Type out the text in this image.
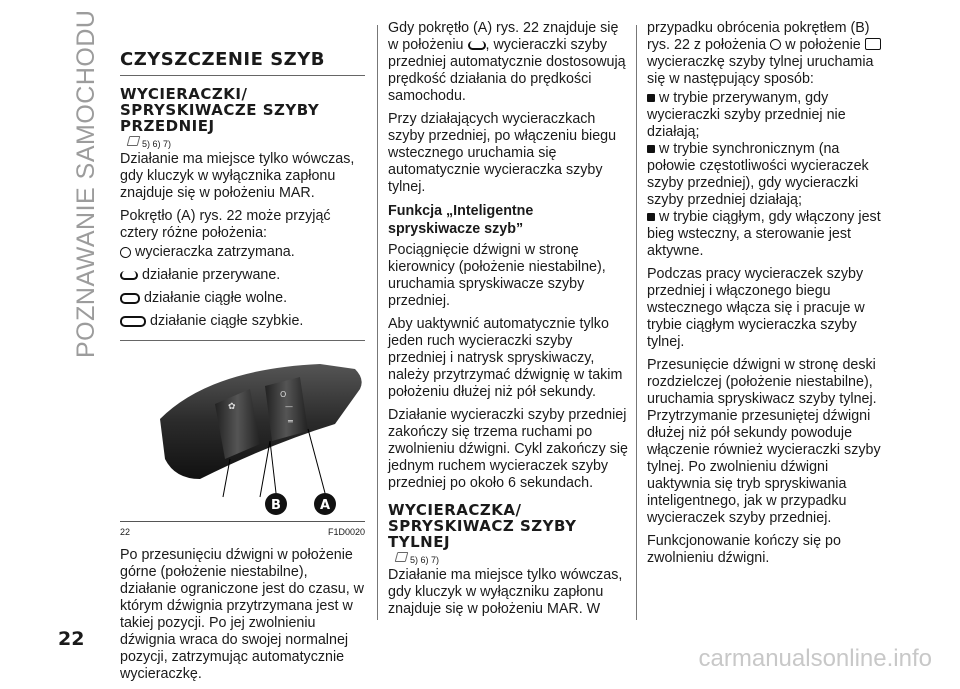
POZNAWANIE SAMOCHODU
22
CZYSZCZENIE SZYB
WYCIERACZKI/ SPRYSKIWACZE SZYBY PRZEDNIEJ
5) 6) 7)

Działanie ma miejsce tylko wówczas, gdy kluczyk w wyłącznika zapłonu znajduje się w położeniu MAR.

Pokrętło (A) rys. 22 może przyjąć cztery różne położenia:

wycieraczka zatrzymana.
działanie przerywane.
działanie ciągłe wolne.
działanie ciągłe szybkie.
✿
O
—
═
A
B
22	F1D0020

Po przesunięciu dźwigni w położenie górne (położenie niestabilne), działanie ograniczone jest do czasu, w którym dźwignia przytrzymana jest w takiej pozycji. Po jej zwolnieniu dźwignia wraca do swojej normalnej pozycji, zatrzymując automatycznie wycieraczkę.

Gdy pokrętło (A) rys. 22 znajduje się w położeniu , wycieraczki szyby przedniej automatycznie dostosowują prędkość działania do prędkości samochodu.

Przy działających wycieraczkach szyby przedniej, po włączeniu biegu wstecznego uruchamia się automatycznie wycieraczka szyby tylnej.

Funkcja „Inteligentne spryskiwacze szyb”

Pociągnięcie dźwigni w stronę kierownicy (położenie niestabilne), uruchamia spryskiwacze szyby przedniej.

Aby uaktywnić automatycznie tylko jeden ruch wycieraczki szyby przedniej i natrysk spryskiwaczy, należy przytrzymać dźwignię w takim położeniu dłużej niż pół sekundy.

Działanie wycieraczki szyby przedniej zakończy się trzema ruchami po zwolnieniu dźwigni. Cykl zakończy się jednym ruchem wycieraczek szyby przedniej po około 6 sekundach.

WYCIERACZKA/ SPRYSKIWACZ SZYBY TYLNEJ
5) 6) 7)

Działanie ma miejsce tylko wówczas, gdy kluczyk w wyłączniku zapłonu znajduje się w położeniu MAR. W

przypadku obrócenia pokrętłem (B) rys. 22 z położenia w położenie  wycieraczkę szyby tylnej uruchamia się w następujący sposób:

w trybie przerywanym, gdy wycieraczki szyby przedniej nie działają;

w trybie synchronicznym (na połowie częstotliwości wycieraczek szyby przedniej), gdy wycieraczki szyby przedniej działają;

w trybie ciągłym, gdy włączony jest bieg wsteczny, a sterowanie jest aktywne.

Podczas pracy wycieraczek szyby przedniej i włączonego biegu wstecznego włącza się i pracuje w trybie ciągłym wycieraczka szyby tylnej.

Przesunięcie dźwigni w stronę deski rozdzielczej (położenie niestabilne), uruchamia spryskiwacz szyby tylnej. Przytrzymanie przesuniętej dźwigni dłużej niż pół sekundy powoduje włączenie również wycieraczki szyby tylnej. Po zwolnieniu dźwigni uaktywnia się tryb spryskiwania inteligentnego, jak w przypadku wycieraczek szyby przedniej.

Funkcjonowanie kończy się po zwolnieniu dźwigni.

carmanualsonline.info
